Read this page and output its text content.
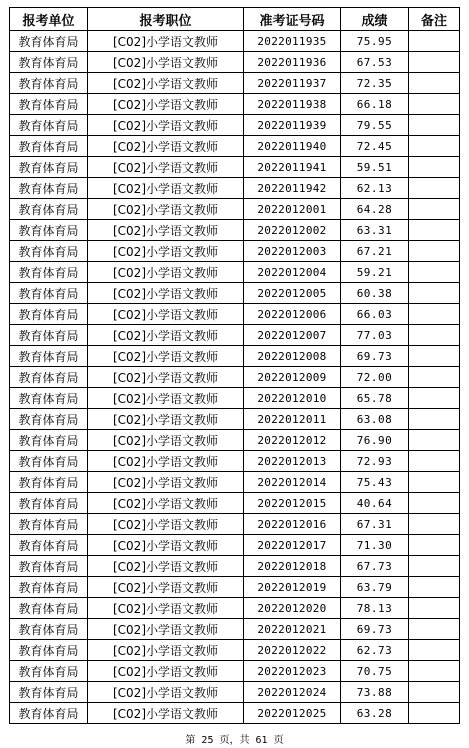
报考单位	报考职位	准考证号码	成绩	备注
教育体育局	[C02]小学语文教师	2022011935	75.95	
教育体育局	[C02]小学语文教师	2022011936	67.53	
教育体育局	[C02]小学语文教师	2022011937	72.35	
教育体育局	[C02]小学语文教师	2022011938	66.18	
教育体育局	[C02]小学语文教师	2022011939	79.55	
教育体育局	[C02]小学语文教师	2022011940	72.45	
教育体育局	[C02]小学语文教师	2022011941	59.51	
教育体育局	[C02]小学语文教师	2022011942	62.13	
教育体育局	[C02]小学语文教师	2022012001	64.28	
教育体育局	[C02]小学语文教师	2022012002	63.31	
教育体育局	[C02]小学语文教师	2022012003	67.21	
教育体育局	[C02]小学语文教师	2022012004	59.21	
教育体育局	[C02]小学语文教师	2022012005	60.38	
教育体育局	[C02]小学语文教师	2022012006	66.03	
教育体育局	[C02]小学语文教师	2022012007	77.03	
教育体育局	[C02]小学语文教师	2022012008	69.73	
教育体育局	[C02]小学语文教师	2022012009	72.00	
教育体育局	[C02]小学语文教师	2022012010	65.78	
教育体育局	[C02]小学语文教师	2022012011	63.08	
教育体育局	[C02]小学语文教师	2022012012	76.90	
教育体育局	[C02]小学语文教师	2022012013	72.93	
教育体育局	[C02]小学语文教师	2022012014	75.43	
教育体育局	[C02]小学语文教师	2022012015	40.64	
教育体育局	[C02]小学语文教师	2022012016	67.31	
教育体育局	[C02]小学语文教师	2022012017	71.30	
教育体育局	[C02]小学语文教师	2022012018	67.73	
教育体育局	[C02]小学语文教师	2022012019	63.79	
教育体育局	[C02]小学语文教师	2022012020	78.13	
教育体育局	[C02]小学语文教师	2022012021	69.73	
教育体育局	[C02]小学语文教师	2022012022	62.73	
教育体育局	[C02]小学语文教师	2022012023	70.75	
教育体育局	[C02]小学语文教师	2022012024	73.88	
教育体育局	[C02]小学语文教师	2022012025	63.28	
第 25 页，共 61 页
